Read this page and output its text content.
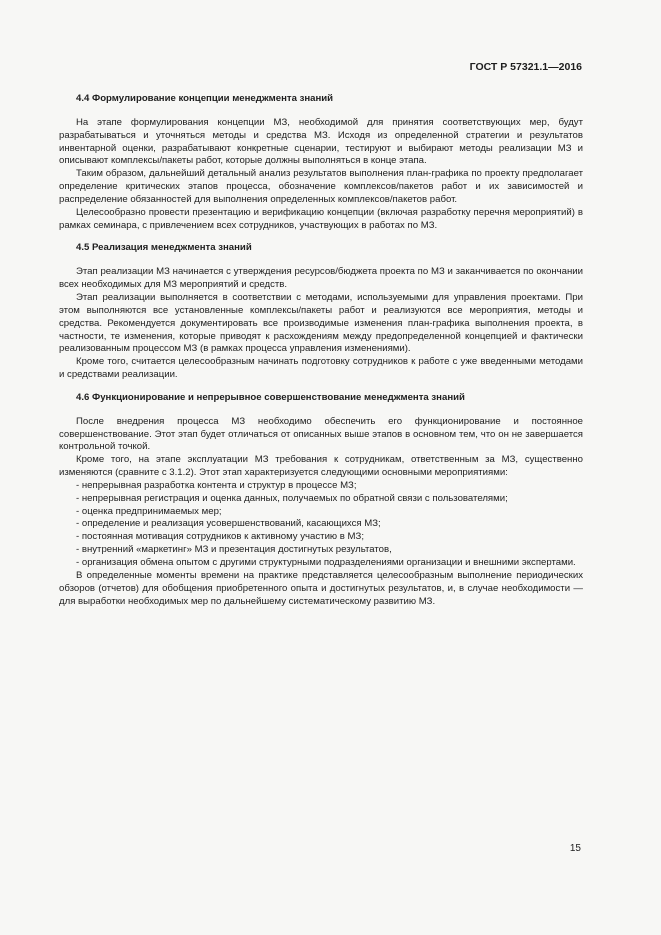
ГОСТ Р 57321.1—2016
4.4 Формулирование концепции менеджмента знаний

На этапе формулирования концепции МЗ, необходимой для принятия соответствующих мер, будут разрабатываться и уточняться методы и средства МЗ. Исходя из определенной стратегии и результатов инвентарной оценки, разрабатывают конкретные сценарии, тестируют и выбирают методы реализации МЗ и описывают комплексы/пакеты работ, которые должны выполняться в конце этапа.

Таким образом, дальнейший детальный анализ результатов выполнения план-графика по проекту предполагает определение критических этапов процесса, обозначение комплексов/пакетов работ и их зависимостей и распределение обязанностей для выполнения определенных комплексов/пакетов работ.

Целесообразно провести презентацию и верификацию концепции (включая разработку перечня мероприятий) в рамках семинара, с привлечением всех сотрудников, участвующих в работах по МЗ.

4.5 Реализация менеджмента знаний

Этап реализации МЗ начинается с утверждения ресурсов/бюджета проекта по МЗ и заканчивается по окончании всех необходимых для МЗ мероприятий и средств.

Этап реализации выполняется в соответствии с методами, используемыми для управления проектами. При этом выполняются все установленные комплексы/пакеты работ и реализуются все мероприятия, методы и средства. Рекомендуется документировать все производимые изменения план-графика выполнения проекта, в частности, те изменения, которые приводят к расхождениям между предопределенной концепцией и фактически реализованным процессом МЗ (в рамках процесса управления изменениями).

Кроме того, считается целесообразным начинать подготовку сотрудников к работе с уже введенными методами и средствами реализации.

4.6 Функционирование и непрерывное совершенствование менеджмента знаний

После внедрения процесса МЗ необходимо обеспечить его функционирование и постоянное совершенствование. Этот этап будет отличаться от описанных выше этапов в основном тем, что он не завершается контрольной точкой.

Кроме того, на этапе эксплуатации МЗ требования к сотрудникам, ответственным за МЗ, существенно изменяются (сравните с 3.1.2). Этот этап характеризуется следующими основными мероприятиями:

- непрерывная разработка контента и структур в процессе МЗ;
- непрерывная регистрация и оценка данных, получаемых по обратной связи с пользователями;
- оценка предпринимаемых мер;
- определение и реализация усовершенствований, касающихся МЗ;
- постоянная мотивация сотрудников к активному участию в МЗ;
- внутренний «маркетинг» МЗ и презентация достигнутых результатов,
- организация обмена опытом с другими структурными подразделениями организации и внешними экспертами.

В определенные моменты времени на практике представляется целесообразным выполнение периодических обзоров (отчетов) для обобщения приобретенного опыта и достигнутых результатов, и, в случае необходимости — для выработки необходимых мер по дальнейшему систематическому развитию МЗ.

15
